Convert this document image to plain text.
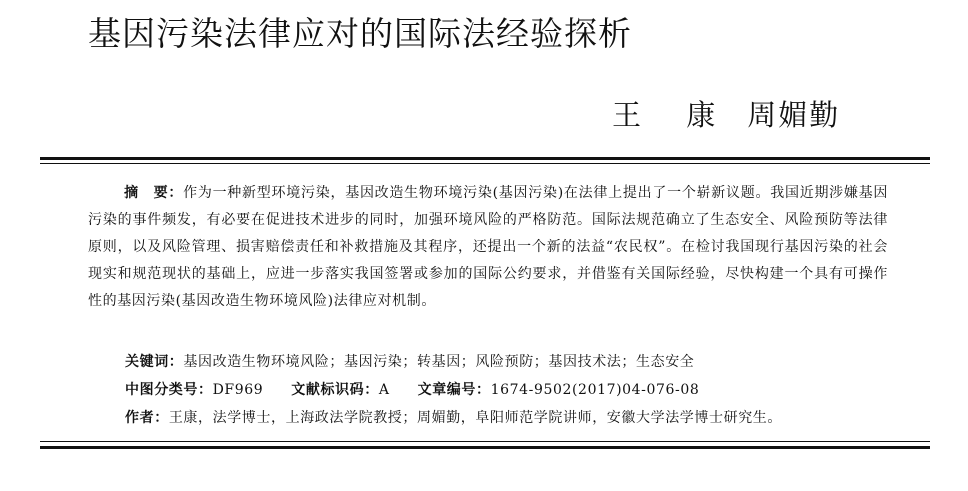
基因污染法律应对的国际法经验探析
王 康 周媚勤
摘　要：作为一种新型环境污染，基因改造生物环境污染(基因污染)在法律上提出了一个崭新议题。我国近期涉嫌基因污染的事件频发，有必要在促进技术进步的同时，加强环境风险的严格防范。国际法规范确立了生态安全、风险预防等法律原则，以及风险管理、损害赔偿责任和补救措施及其程序，还提出一个新的法益“农民权”。在检讨我国现行基因污染的社会现实和规范现状的基础上，应进一步落实我国签署或参加的国际公约要求，并借鉴有关国际经验，尽快构建一个具有可操作性的基因污染(基因改造生物环境风险)法律应对机制。
关键词：基因改造生物环境风险；基因污染；转基因；风险预防；基因技术法；生态安全
中图分类号：DF969 文献标识码：A 文章编号：1674-9502(2017)04-076-08
作者：王康，法学博士，上海政法学院教授；周媚勤，阜阳师范学院讲师，安徽大学法学博士研究生。
